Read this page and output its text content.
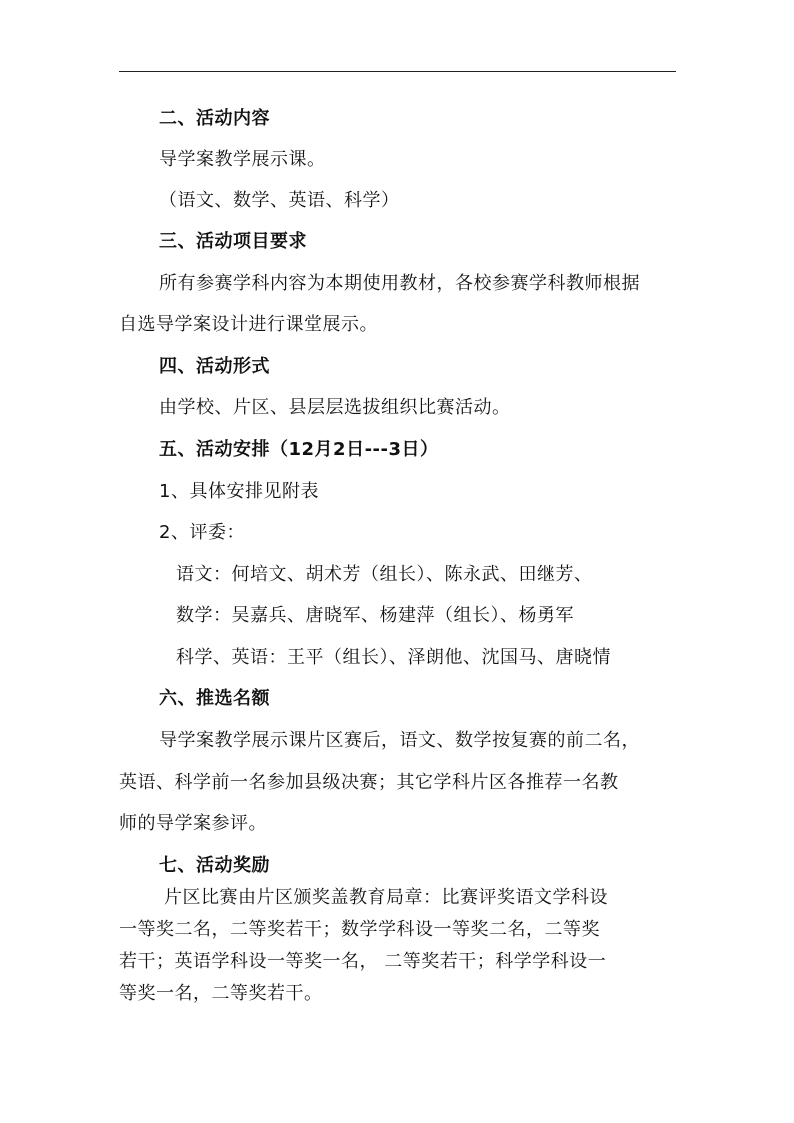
二、活动内容
导学案教学展示课。
（语文、数学、英语、科学）
三、活动项目要求
所有参赛学科内容为本期使用教材，各校参赛学科教师根据
自选导学案设计进行课堂展示。
四、活动形式
由学校、片区、县层层选拔组织比赛活动。
五、活动安排（12月2日---3日）
1、具体安排见附表
2、评委：
语文：何培文、胡术芳（组长）、陈永武、田继芳、
数学：吴嘉兵、唐晓军、杨建萍（组长）、杨勇军
科学、英语：王平（组长）、泽朗他、沈国马、唐晓情
六、推选名额
导学案教学展示课片区赛后，语文、数学按复赛的前二名，
英语、科学前一名参加县级决赛；其它学科片区各推荐一名教
师的导学案参评。
七、活动奖励
片区比赛由片区颁奖盖教育局章：比赛评奖语文学科设
一等奖二名，二等奖若干；数学学科设一等奖二名，二等奖
若干；英语学科设一等奖一名， 二等奖若干；科学学科设一
等奖一名，二等奖若干。
